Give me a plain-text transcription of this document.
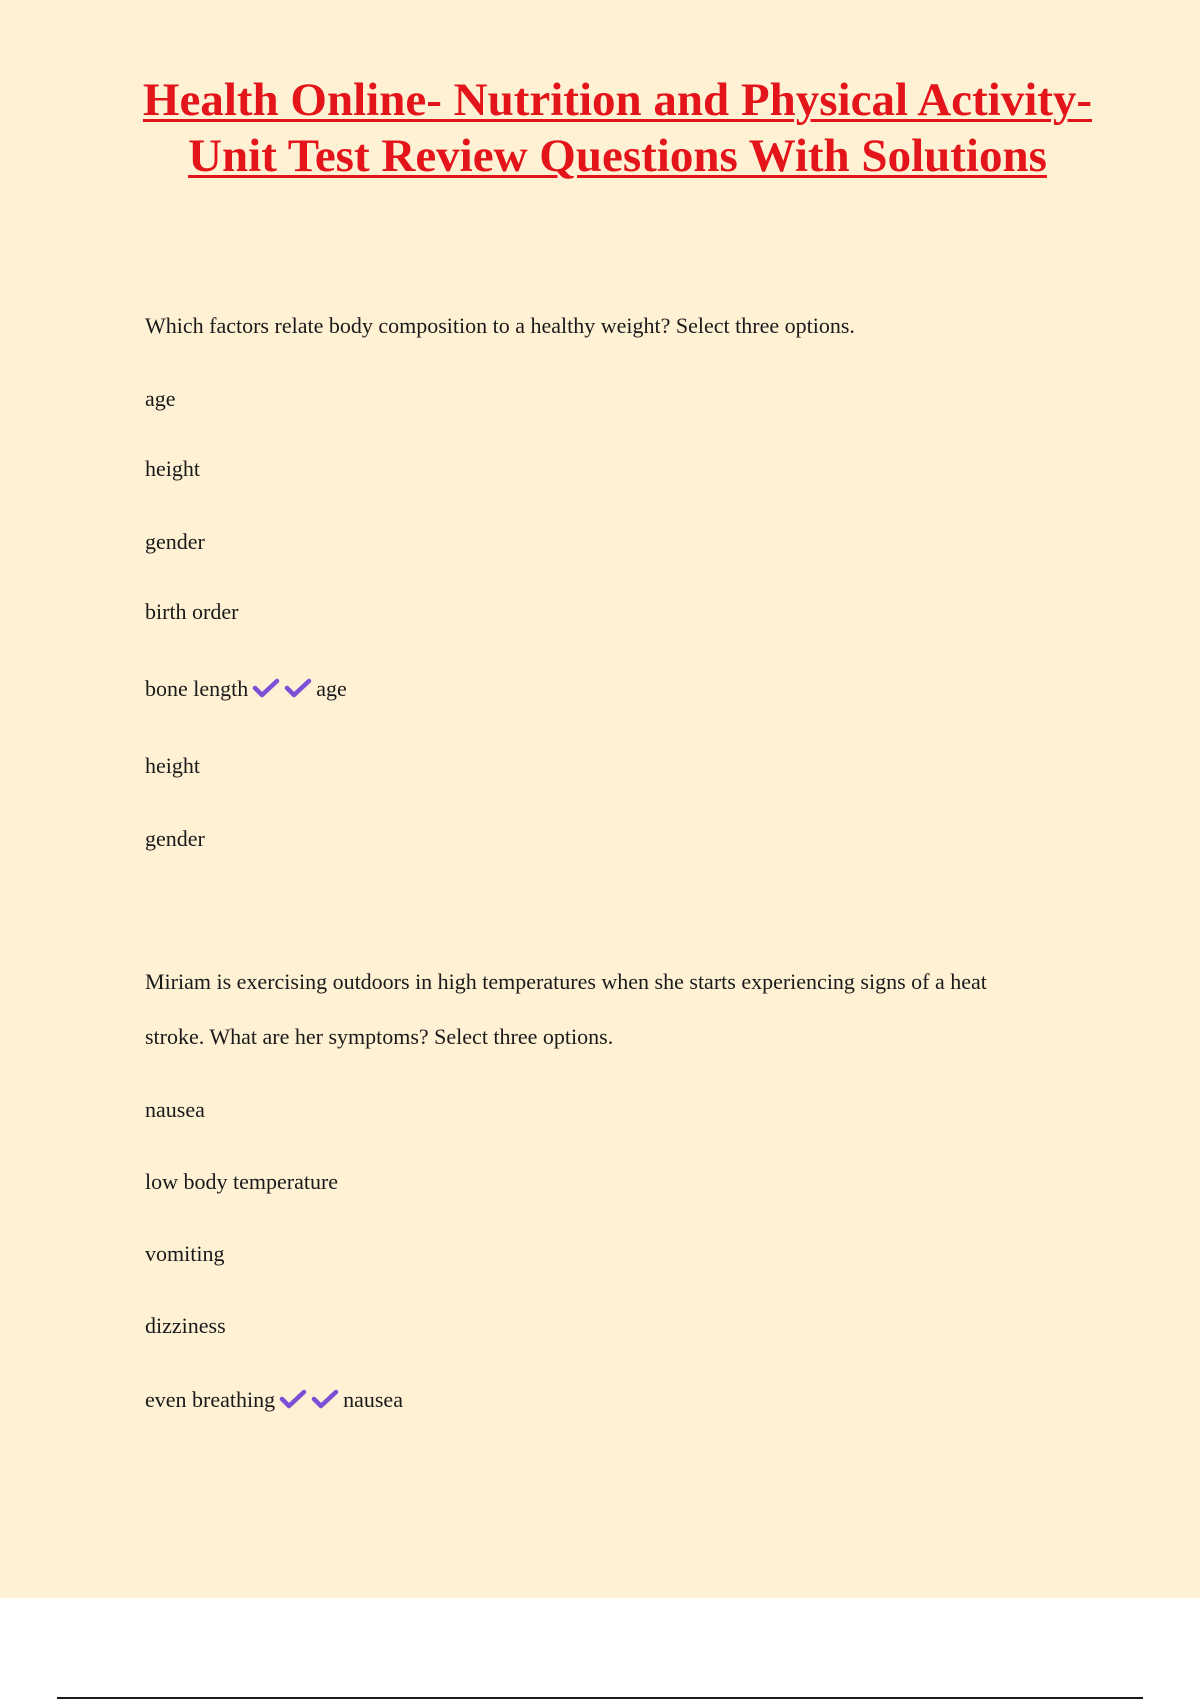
Health Online- Nutrition and Physical Activity- Unit Test Review Questions With Solutions

Which factors relate body composition to a healthy weight? Select three options.

age

height

gender

birth order

bone length	age

height

gender

Miriam is exercising outdoors in high temperatures when she starts experiencing signs of a heat

stroke. What are her symptoms? Select three options.

nausea

low body temperature

vomiting

dizziness

even breathing	nausea
